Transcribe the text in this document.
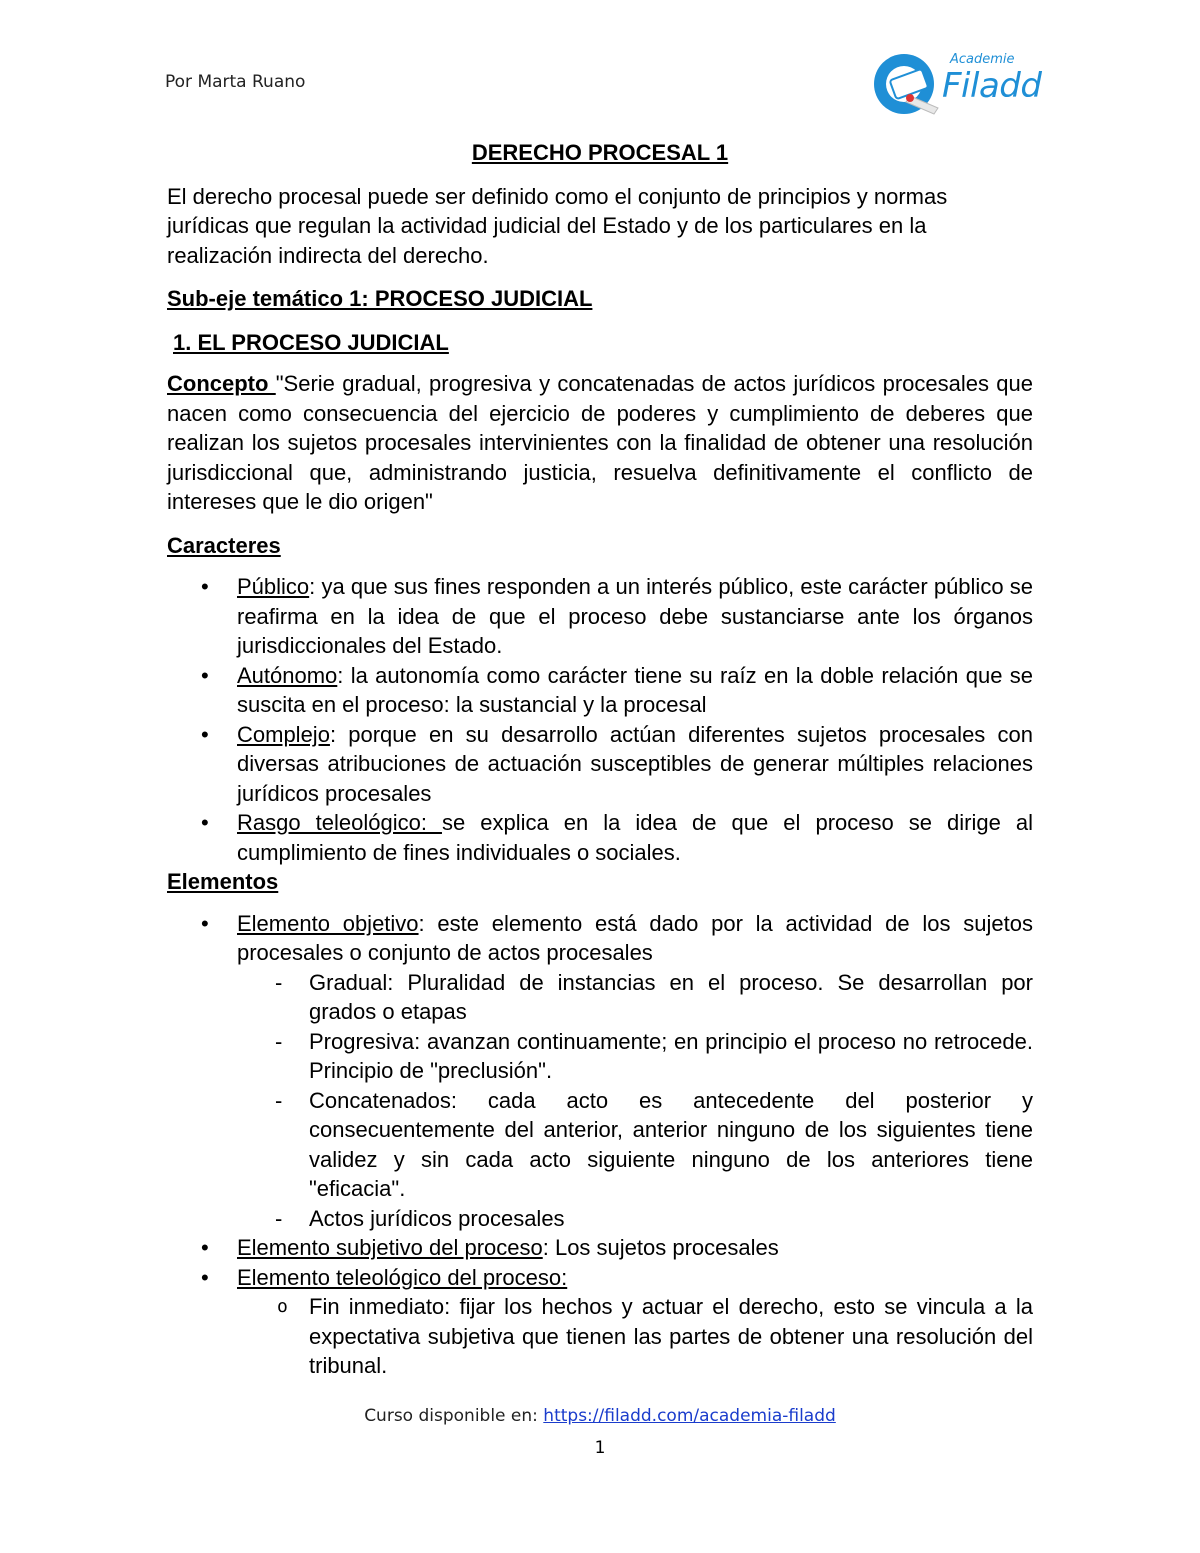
Por Marta Ruano
Academie
Filadd
DERECHO PROCESAL 1

El derecho procesal puede ser definido como el conjunto de principios y normas jurídicas que regulan la actividad judicial del Estado y de los particulares en la realización indirecta del derecho.

Sub-eje temático 1: PROCESO JUDICIAL
1. EL PROCESO JUDICIAL

Concepto "Serie gradual, progresiva y concatenadas de actos jurídicos procesales que nacen como consecuencia del ejercicio de poderes y cumplimiento de deberes que realizan los sujetos procesales intervinientes con la finalidad de obtener una resolución jurisdiccional que, administrando justicia, resuelva definitivamente el conflicto de intereses que le dio origen"

Caracteres
• Público: ya que sus fines responden a un interés público, este carácter público se reafirma en la idea de que el proceso debe sustanciarse ante los órganos jurisdiccionales del Estado.
• Autónomo: la autonomía como carácter tiene su raíz en la doble relación que se suscita en el proceso: la sustancial y la procesal
• Complejo: porque en su desarrollo actúan diferentes sujetos procesales con diversas atribuciones de actuación susceptibles de generar múltiples relaciones jurídicos procesales
• Rasgo teleológico: se explica en la idea de que el proceso se dirige al cumplimiento de fines individuales o sociales.
Elementos
• Elemento objetivo: este elemento está dado por la actividad de los sujetos procesales o conjunto de actos procesales
- Gradual: Pluralidad de instancias en el proceso. Se desarrollan por grados o etapas
- Progresiva: avanzan continuamente; en principio el proceso no retrocede. Principio de "preclusión".
- Concatenados: cada acto es antecedente del posterior y consecuentemente del anterior, anterior ninguno de los siguientes tiene validez y sin cada acto siguiente ninguno de los anteriores tiene "eficacia".
- Actos jurídicos procesales
• Elemento subjetivo del proceso: Los sujetos procesales
• Elemento teleológico del proceso:
o Fin inmediato: fijar los hechos y actuar el derecho, esto se vincula a la expectativa subjetiva que tienen las partes de obtener una resolución del tribunal.
Curso disponible en: https://filadd.com/academia-filadd
1
